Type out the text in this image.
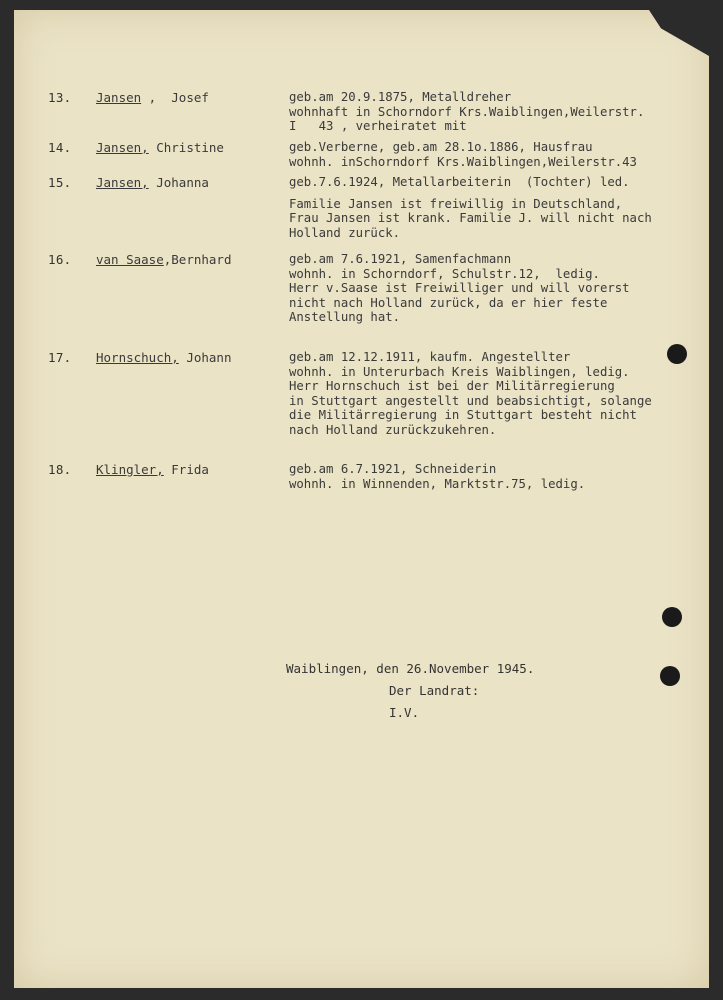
13. Jansen ,  Josef	geb.am 20.9.1875, Metalldreher
wohnhaft in Schorndorf Krs.Waiblingen,Weilerstr.
I   43 , verheiratet mit
14. Jansen, Christine	geb.Verberne, geb.am 28.1o.1886, Hausfrau
wohnh. inSchorndorf Krs.Waiblingen,Weilerstr.43
15. Jansen, Johanna	geb.7.6.1924, Metallarbeiterin  (Tochter) led.
Familie Jansen ist freiwillig in Deutschland,
Frau Jansen ist krank. Familie J. will nicht nach
Holland zurück.
16. van Saase,Bernhard	geb.am 7.6.1921, Samenfachmann
wohnh. in Schorndorf, Schulstr.12,  ledig.
Herr v.Saase ist Freiwilliger und will vorerst
nicht nach Holland zurück, da er hier feste
Anstellung hat.
17. Hornschuch, Johann	geb.am 12.12.1911, kaufm. Angestellter
wohnh. in Unterurbach Kreis Waiblingen, ledig.
Herr Hornschuch ist bei der Militärregierung
in Stuttgart angestellt und beabsichtigt, solange
die Militärregierung in Stuttgart besteht nicht
nach Holland zurückzukehren.
18. Klingler, Frida	geb.am 6.7.1921, Schneiderin
wohnh. in Winnenden, Marktstr.75, ledig.
Waiblingen, den 26.November 1945.
Der Landrat:
I.V.
